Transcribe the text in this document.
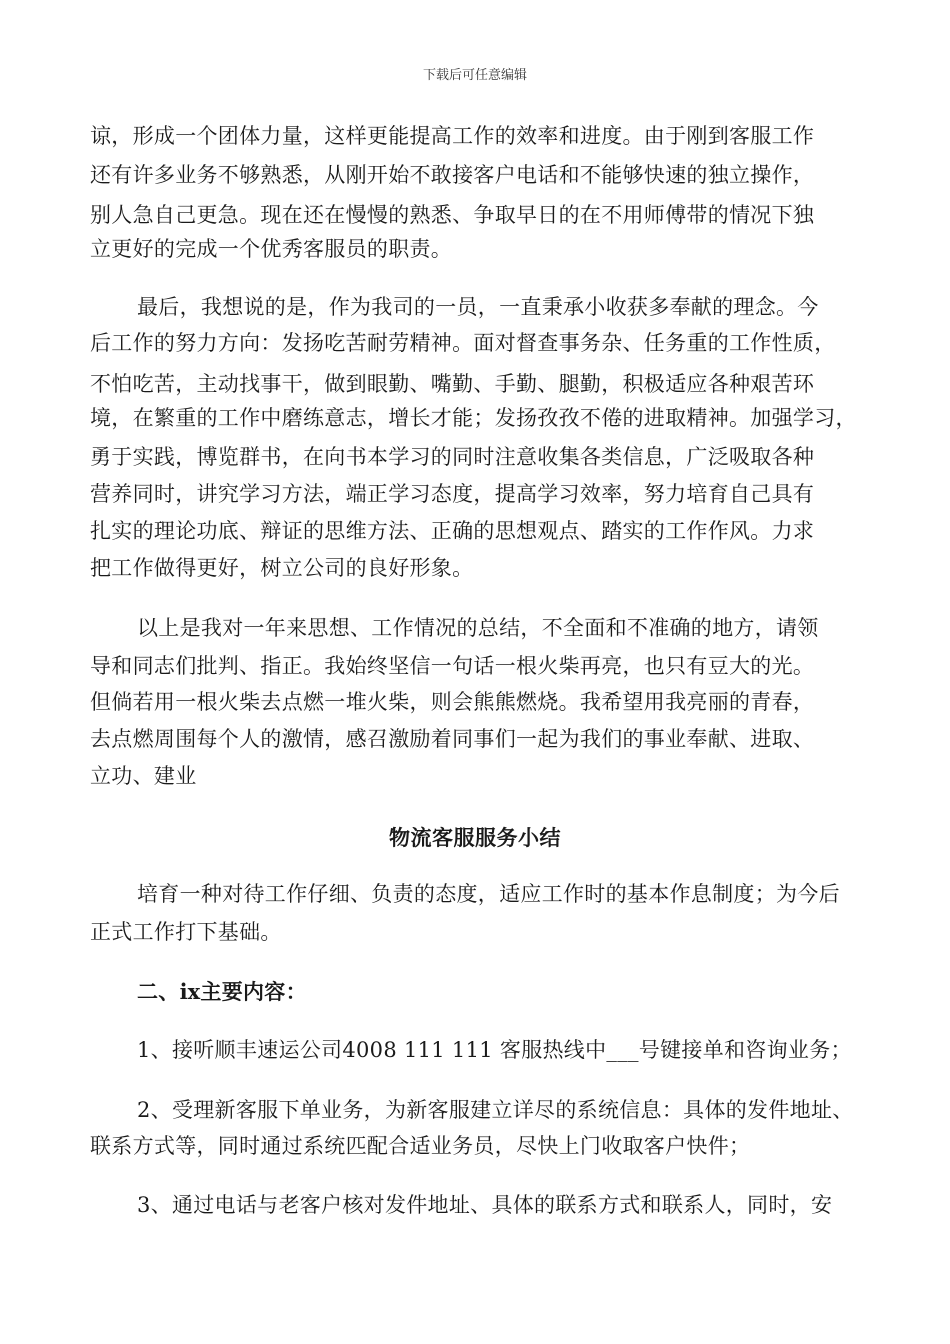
下载后可任意编辑
谅，形成一个团体力量，这样更能提高工作的效率和进度。由于刚到客服工作
还有许多业务不够熟悉，从刚开始不敢接客户电话和不能够快速的独立操作，
别人急自己更急。现在还在慢慢的熟悉、争取早日的在不用师傅带的情况下独
立更好的完成一个优秀客服员的职责。
最后，我想说的是，作为我司的一员，一直秉承小收获多奉献的理念。今
后工作的努力方向：发扬吃苦耐劳精神。面对督查事务杂、任务重的工作性质，
不怕吃苦，主动找事干，做到眼勤、嘴勤、手勤、腿勤，积极适应各种艰苦环
境，在繁重的工作中磨练意志，增长才能；发扬孜孜不倦的进取精神。加强学习，
勇于实践，博览群书，在向书本学习的同时注意收集各类信息，广泛吸取各种
营养同时，讲究学习方法，端正学习态度，提高学习效率，努力培育自己具有
扎实的理论功底、辩证的思维方法、正确的思想观点、踏实的工作作风。力求
把工作做得更好，树立公司的良好形象。
以上是我对一年来思想、工作情况的总结，不全面和不准确的地方，请领
导和同志们批判、指正。我始终坚信一句话一根火柴再亮，也只有豆大的光。
但倘若用一根火柴去点燃一堆火柴，则会熊熊燃烧。我希望用我亮丽的青春，
去点燃周围每个人的激情，感召激励着同事们一起为我们的事业奉献、进取、
立功、建业
物流客服服务小结
培育一种对待工作仔细、负责的态度，适应工作时的基本作息制度；为今后
正式工作打下基础。
二、ⅸ主要内容：
1、接听顺丰速运公司4008 111 111 客服热线中___号键接单和咨询业务；
2、受理新客服下单业务，为新客服建立详尽的系统信息：具体的发件地址、
联系方式等，同时通过系统匹配合适业务员，尽快上门收取客户快件；
3、通过电话与老客户核对发件地址、具体的联系方式和联系人，同时，安
